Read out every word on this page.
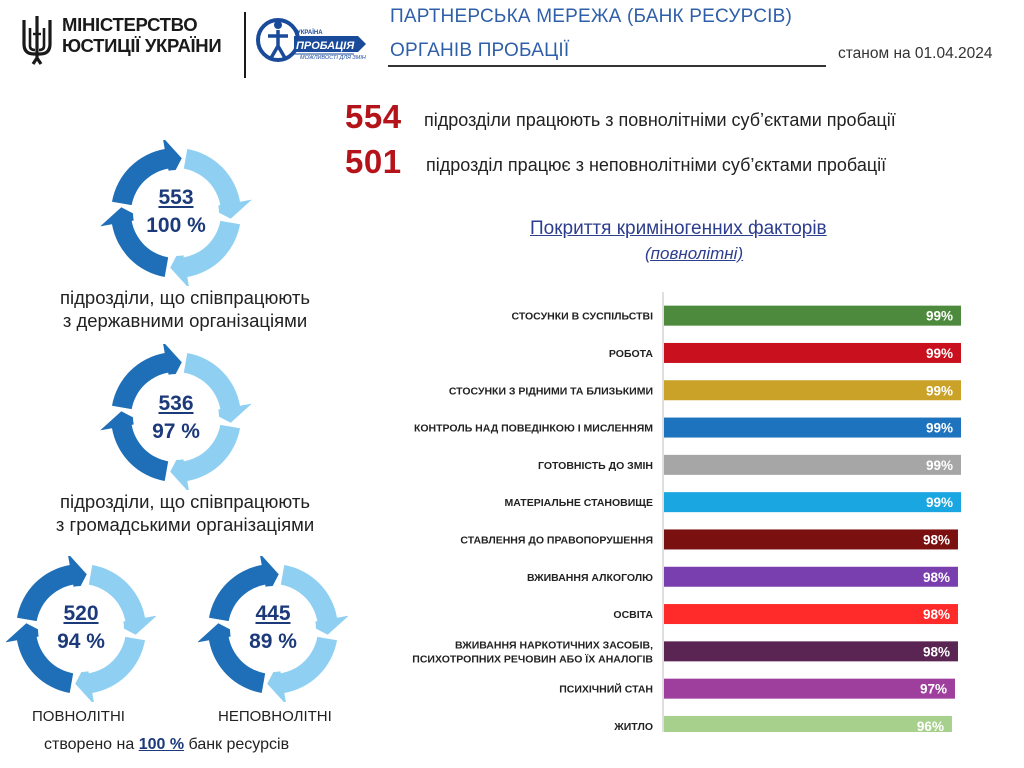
МІНІСТЕРСТВО
ЮСТИЦІЇ УКРАЇНИ
УКРАЇНА
ПРОБАЦІЯ
МОЖЛИВОСТІ ДЛЯ ЗМІН
ПАРТНЕРСЬКА МЕРЕЖА (БАНК РЕСУРСІВ)
ОРГАНІВ ПРОБАЦІЇ	станом на 01.04.2024
554 підрозділи працюють з повнолітніми суб’єктами пробації
501 підрозділ працює з неповнолітніми суб’єктами пробації
553
100 %
підрозділи, що співпрацюють
з державними організаціями
536
97 %
підрозділи, що співпрацюють
з громадськими організаціями
520
94 %
ПОВНОЛІТНІ
445
89 %
НЕПОВНОЛІТНІ
створено на 100 % банк ресурсів
Покриття криміногенних факторів
(повнолітні)
99%
СТОСУНКИ В СУСПІЛЬСТВІ
99%
РОБОТА
99%
СТОСУНКИ З РІДНИМИ ТА БЛИЗЬКИМИ
99%
КОНТРОЛЬ НАД ПОВЕДІНКОЮ І МИСЛЕННЯМ
99%
ГОТОВНІСТЬ ДО ЗМІН
99%
МАТЕРІАЛЬНЕ СТАНОВИЩЕ
98%
СТАВЛЕННЯ ДО ПРАВОПОРУШЕННЯ
98%
ВЖИВАННЯ АЛКОГОЛЮ
98%
ОСВІТА
98%
ВЖИВАННЯ НАРКОТИЧНИХ ЗАСОБІВ,
ПСИХОТРОПНИХ РЕЧОВИН АБО ЇХ АНАЛОГІВ
97%
ПСИХІЧНИЙ СТАН
96%
ЖИТЛО
